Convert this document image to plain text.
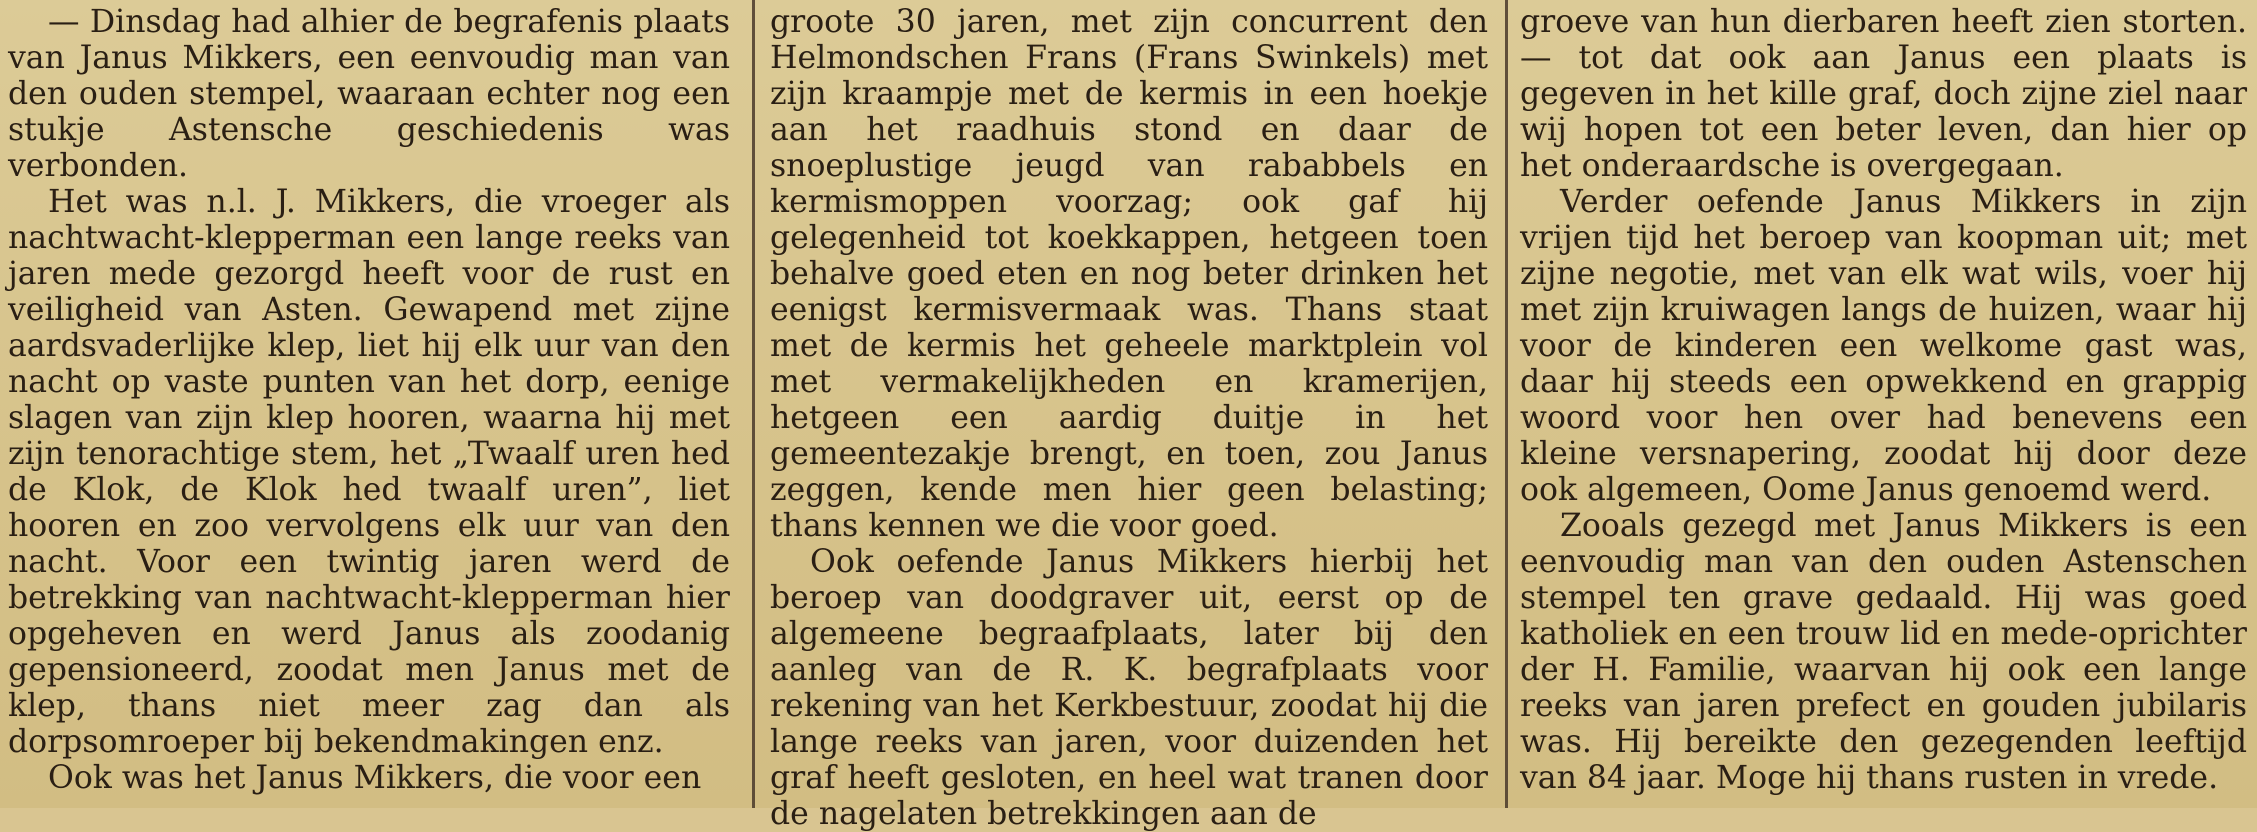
— Dinsdag had alhier de begrafenis plaats van Janus Mikkers, een eenvoudig man van den ouden stempel, waaraan echter nog een stukje Astensche geschiedenis was verbonden.

Het was n.l. J. Mikkers, die vroeger als nachtwacht-klepperman een lange reeks van jaren mede gezorgd heeft voor de rust en veiligheid van Asten. Gewapend met zijne aardsvaderlijke klep, liet hij elk uur van den nacht op vaste punten van het dorp, eenige slagen van zijn klep hooren, waarna hij met zijn tenorachtige stem, het „Twaalf uren hed de Klok, de Klok hed twaalf uren”, liet hooren en zoo vervolgens elk uur van den nacht. Voor een twintig jaren werd de betrekking van nachtwacht-klepperman hier opgeheven en werd Janus als zoodanig gepensioneerd, zoodat men Janus met de klep, thans niet meer zag dan als dorpsomroeper bij bekendmakingen enz.

Ook was het Janus Mikkers, die voor een

groote 30 jaren, met zijn concurrent den Helmondschen Frans (Frans Swinkels) met zijn kraampje met de kermis in een hoekje aan het raadhuis stond en daar de snoeplustige jeugd van rababbels en kermismoppen voorzag; ook gaf hij gelegenheid tot koekkappen, hetgeen toen behalve goed eten en nog beter drinken het eenigst kermisvermaak was. Thans staat met de kermis het geheele marktplein vol met vermakelijkheden en kramerijen, hetgeen een aardig duitje in het gemeentezakje brengt, en toen, zou Janus zeggen, kende men hier geen belasting; thans kennen we die voor goed.

Ook oefende Janus Mikkers hierbij het beroep van doodgraver uit, eerst op de algemeene begraafplaats, later bij den aanleg van de R. K. begrafplaats voor rekening van het Kerkbestuur, zoodat hij die lange reeks van jaren, voor duizenden het graf heeft gesloten, en heel wat tranen door de nagelaten betrekkingen aan de

groeve van hun dierbaren heeft zien storten. — tot dat ook aan Janus een plaats is gegeven in het kille graf, doch zijne ziel naar wij hopen tot een beter leven, dan hier op het onderaardsche is overgegaan.

Verder oefende Janus Mikkers in zijn vrijen tijd het beroep van koopman uit; met zijne negotie, met van elk wat wils, voer hij met zijn kruiwagen langs de huizen, waar hij voor de kinderen een welkome gast was, daar hij steeds een opwekkend en grappig woord voor hen over had benevens een kleine versnapering, zoodat hij door deze ook algemeen, Oome Janus genoemd werd.

Zooals gezegd met Janus Mikkers is een eenvoudig man van den ouden Astenschen stempel ten grave gedaald. Hij was goed katholiek en een trouw lid en mede-oprichter der H. Familie, waarvan hij ook een lange reeks van jaren prefect en gouden jubilaris was. Hij bereikte den gezegenden leeftijd van 84 jaar. Moge hij thans rusten in vrede.
